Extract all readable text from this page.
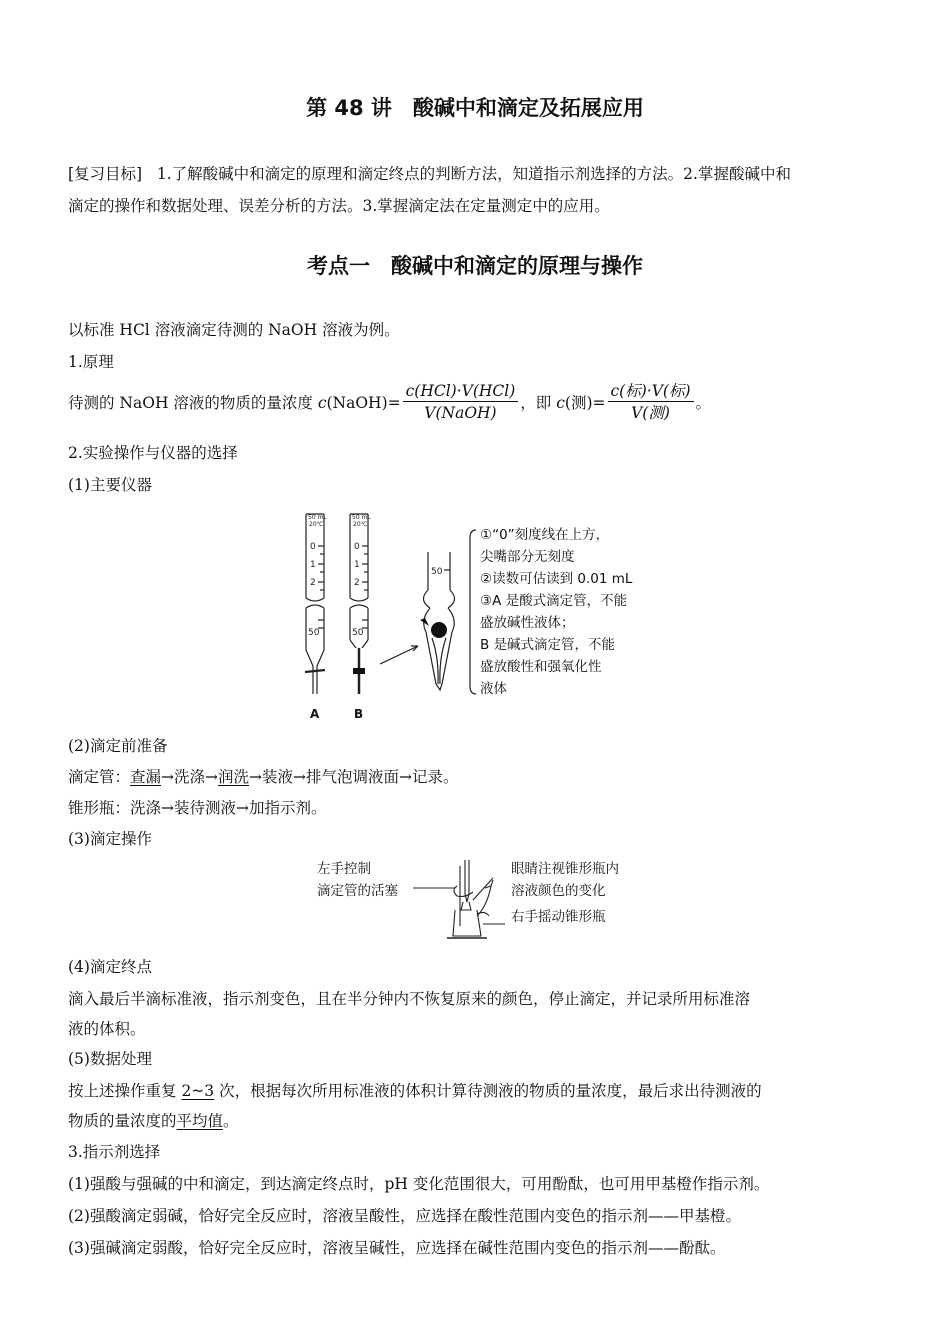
第 48 讲　酸碱中和滴定及拓展应用
[复习目标] 1.了解酸碱中和滴定的原理和滴定终点的判断方法，知道指示剂选择的方法。2.掌握酸碱中和
滴定的操作和数据处理、误差分析的方法。3.掌握滴定法在定量测定中的应用。
考点一　酸碱中和滴定的原理与操作
以标准 HCl 溶液滴定待测的 NaOH 溶液为例。
1.原理
待测的 NaOH 溶液的物质的量浓度 c (NaOH)= $\frac{\text{c(HCl)·V(HCl)}}{\text{V(NaOH)}}$ ，即 c (测)= $\frac{\text{c(标)·V(标)}}{\text{V(测)}}$ 。
2.实验操作与仪器的选择
(1)主要仪器
50 mL
20℃
50 mL
20℃
0
1
2
50
0
1
2
50
50
A	B
①“0”刻度线在上方，
尖嘴部分无刻度
②读数可估读到 0.01 mL
③A 是酸式滴定管，不能
盛放碱性液体；
B 是碱式滴定管，不能
盛放酸性和强氧化性
液体
(2)滴定前准备
滴定管：查漏→洗涤→润洗→装液→排气泡调液面→记录。
锥形瓶：洗涤→装待测液→加指示剂。
(3)滴定操作
左手控制
滴定管的活塞
眼睛注视锥形瓶内
溶液颜色的变化
右手摇动锥形瓶
(4)滴定终点
滴入最后半滴标准液，指示剂变色，且在半分钟内不恢复原来的颜色，停止滴定，并记录所用标准溶
液的体积。
(5)数据处理
按上述操作重复 2~3 次，根据每次所用标准液的体积计算待测液的物质的量浓度，最后求出待测液的
物质的量浓度的平均值。
3.指示剂选择
(1)强酸与强碱的中和滴定，到达滴定终点时，pH 变化范围很大，可用酚酞，也可用甲基橙作指示剂。
(2)强酸滴定弱碱，恰好完全反应时，溶液呈酸性，应选择在酸性范围内变色的指示剂——甲基橙。
(3)强碱滴定弱酸，恰好完全反应时，溶液呈碱性，应选择在碱性范围内变色的指示剂——酚酞。
